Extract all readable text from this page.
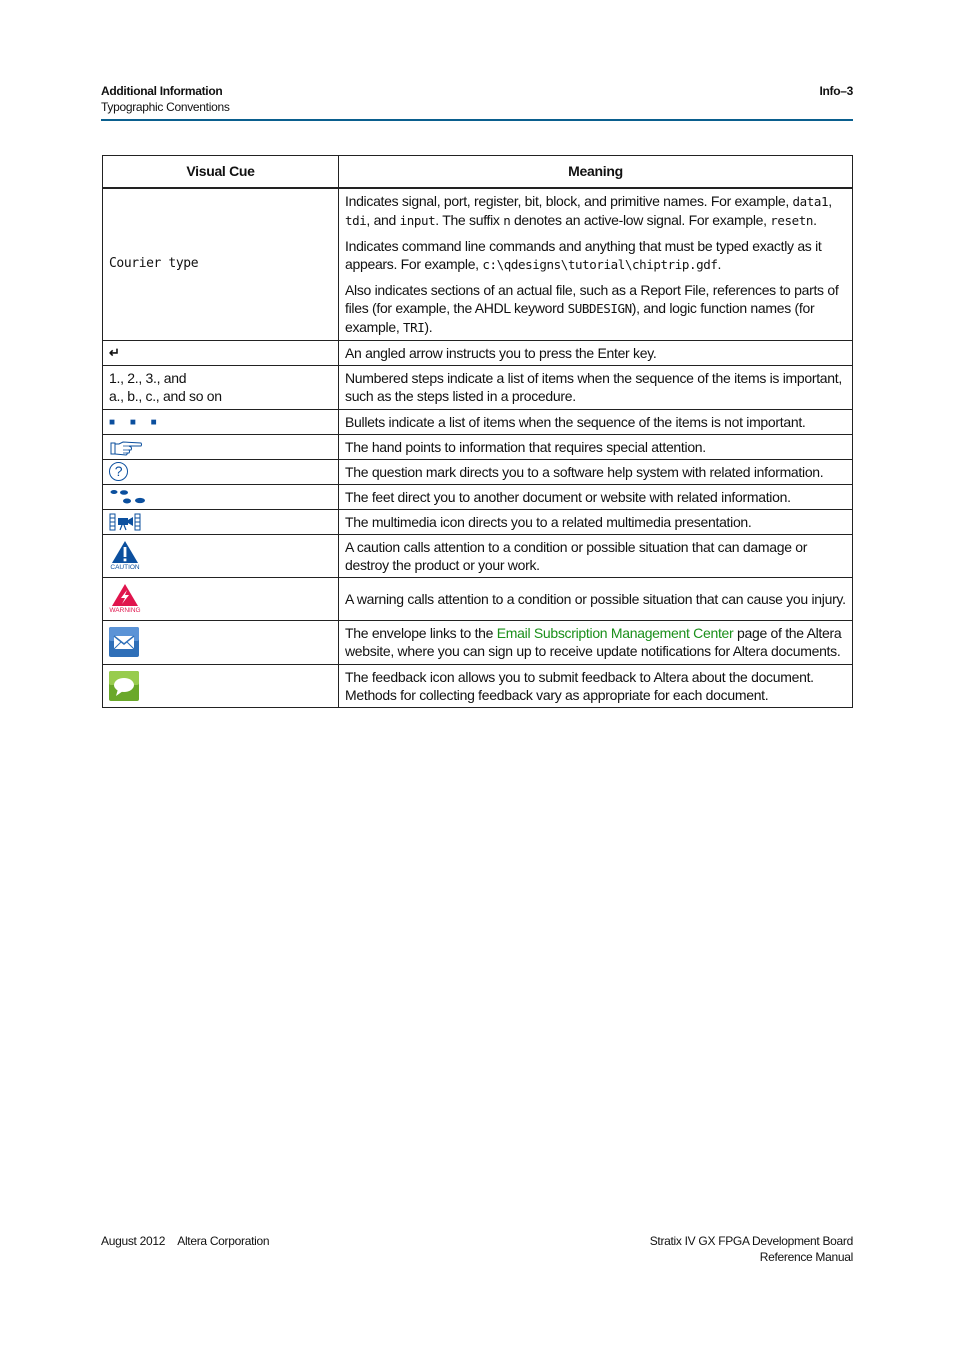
Additional Information
Typographic Conventions
Info–3
Visual Cue	Meaning
Courier type	Indicates signal, port, register, bit, block, and primitive names. For example, data1, tdi, and input. The suffix n denotes an active-low signal. For example, resetn.

Indicates command line commands and anything that must be typed exactly as it appears. For example, c:\qdesigns\tutorial\chiptrip.gdf.

Also indicates sections of an actual file, such as a Report File, references to parts of files (for example, the AHDL keyword SUBDESIGN), and logic function names (for example, TRI).

↵	An angled arrow instructs you to press the Enter key.

1., 2., 3., and
a., b., c., and so on	Numbered steps indicate a list of items when the sequence of the items is important, such as the steps listed in a procedure.
■ ■ ■	Bullets indicate a list of items when the sequence of the items is not important.
	The hand points to information that requires special attention.
?	The question mark directs you to a software help system with related information.
	The feet direct you to another document or website with related information.
	The multimedia icon directs you to a related multimedia presentation.

CAUTION	A caution calls attention to a condition or possible situation that can damage or destroy the product or your work.

WARNING	A warning calls attention to a condition or possible situation that can cause you injury.
	The envelope links to the Email Subscription Management Center page of the Altera website, where you can sign up to receive update notifications for Altera documents.
	The feedback icon allows you to submit feedback to Altera about the document. Methods for collecting feedback vary as appropriate for each document.
August 2012 Altera Corporation	Stratix IV GX FPGA Development Board
Reference Manual
